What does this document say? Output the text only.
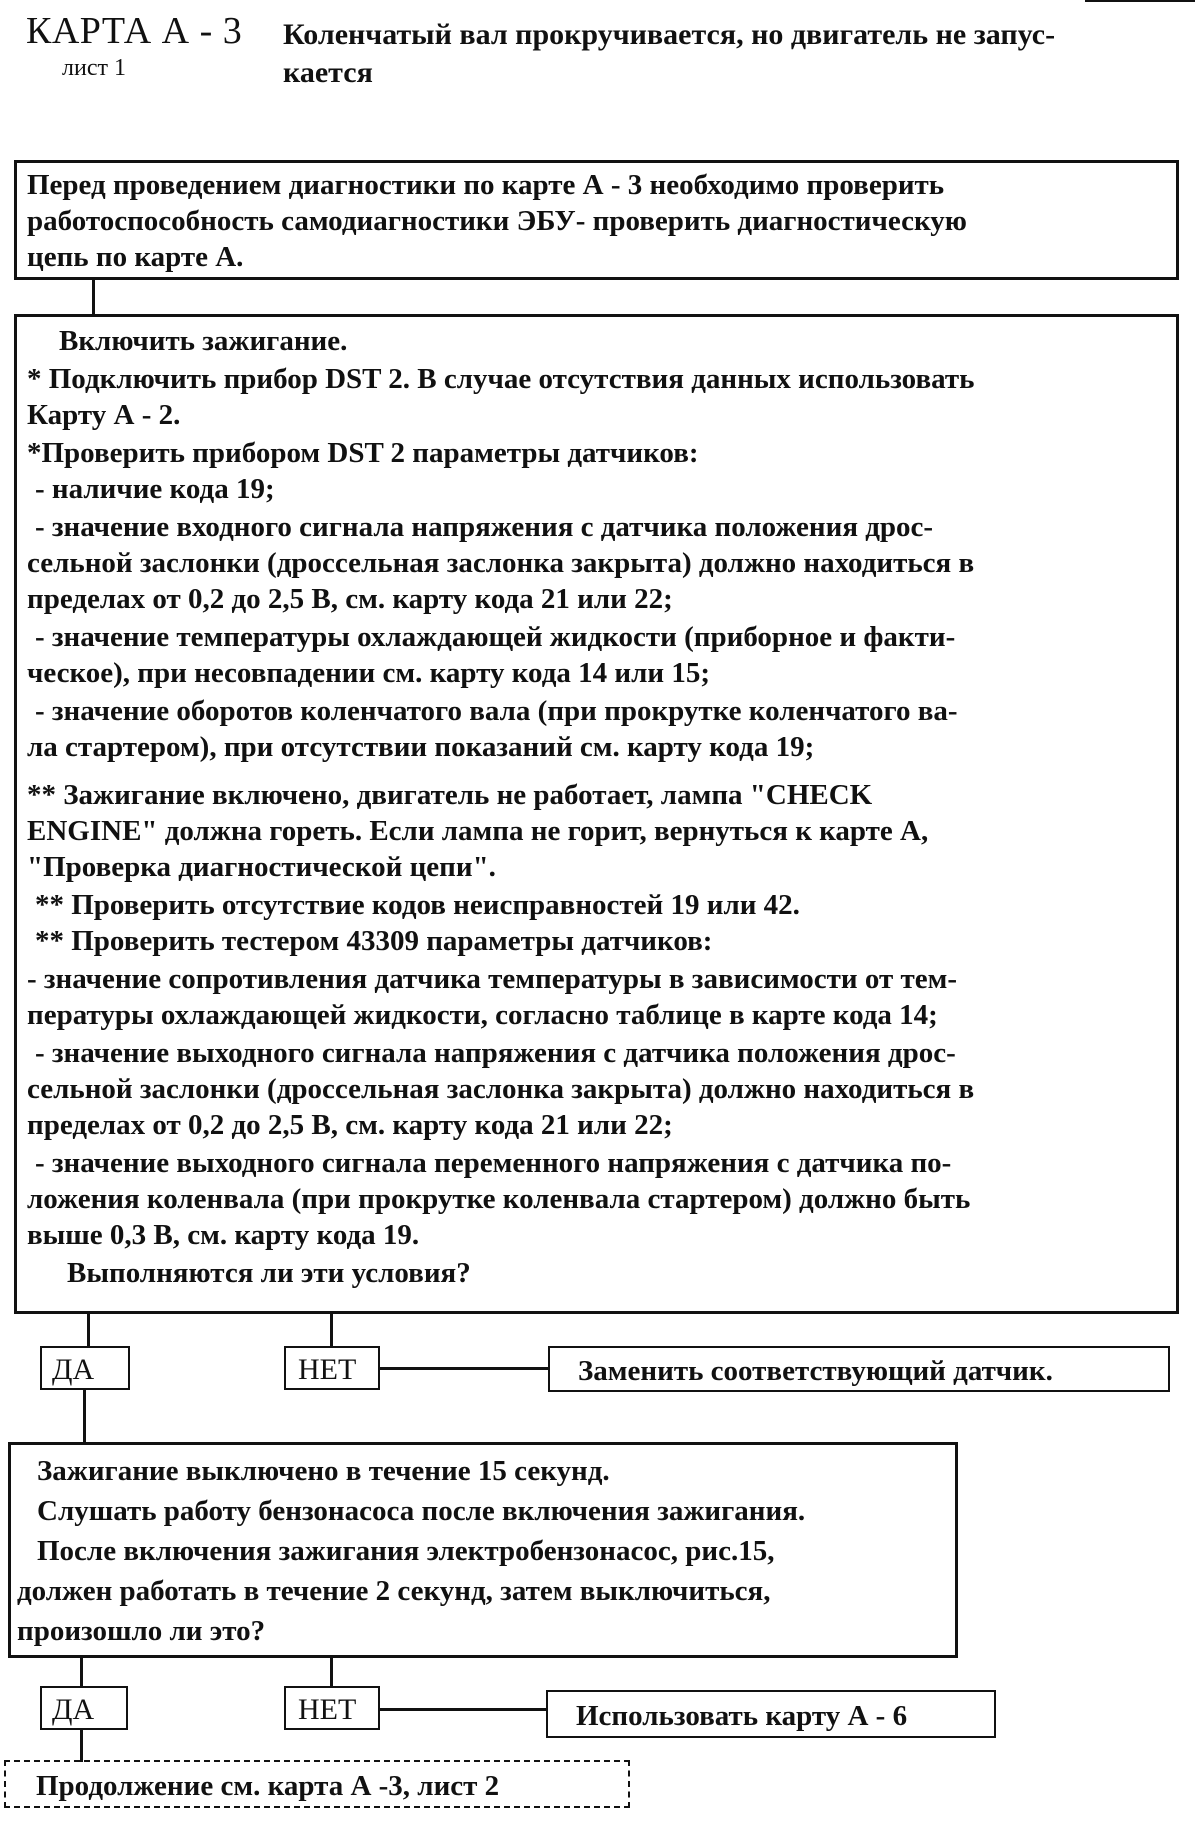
КАРТА А - 3
лист 1
Коленчатый вал прокручивается, но двигатель не запус-
кается
Перед проведением диагностики по карте А - 3 необходимо проверить
работоспособность самодиагностики ЭБУ- проверить диагностическую
цепь по карте А.
Включить зажигание.
* Подключить прибор DST 2. В случае отсутствия данных использовать
Карту А - 2.
*Проверить прибором DST 2 параметры датчиков:
- наличие кода 19;
- значение входного сигнала напряжения с датчика положения дрос-
сельной заслонки (дроссельная заслонка закрыта) должно находиться в
пределах от 0,2 до 2,5 В, см. карту кода 21 или 22;
- значение температуры охлаждающей жидкости (приборное и факти-
ческое), при несовпадении см. карту кода 14 или 15;
- значение оборотов коленчатого вала (при прокрутке коленчатого ва-
ла стартером), при отсутствии показаний см. карту кода 19;
** Зажигание включено, двигатель не работает, лампа "CHECK
ENGINE" должна гореть. Если лампа не горит, вернуться к карте А,
"Проверка диагностической цепи".
** Проверить отсутствие кодов неисправностей 19 или 42.
** Проверить тестером 43309 параметры датчиков:
- значение сопротивления датчика температуры в зависимости от тем-
пературы охлаждающей жидкости, согласно таблице в карте кода 14;
- значение выходного сигнала напряжения с датчика положения дрос-
сельной заслонки (дроссельная заслонка закрыта) должно находиться в
пределах от 0,2 до 2,5 В, см. карту кода 21 или 22;
- значение выходного сигнала переменного напряжения с датчика по-
ложения коленвала (при прокрутке коленвала стартером) должно быть
выше 0,3 В, см. карту кода 19.
Выполняются ли эти условия?
ДА	НЕТ	Заменить соответствующий датчик.
Зажигание выключено в течение 15 секунд.
Слушать работу бензонасоса после включения зажигания.
После включения зажигания электробензонасос, рис.15,
должен работать в течение 2 секунд, затем выключиться,
произошло ли это?
ДА	НЕТ	Использовать карту А - 6
Продолжение см. карта А -3, лист 2
